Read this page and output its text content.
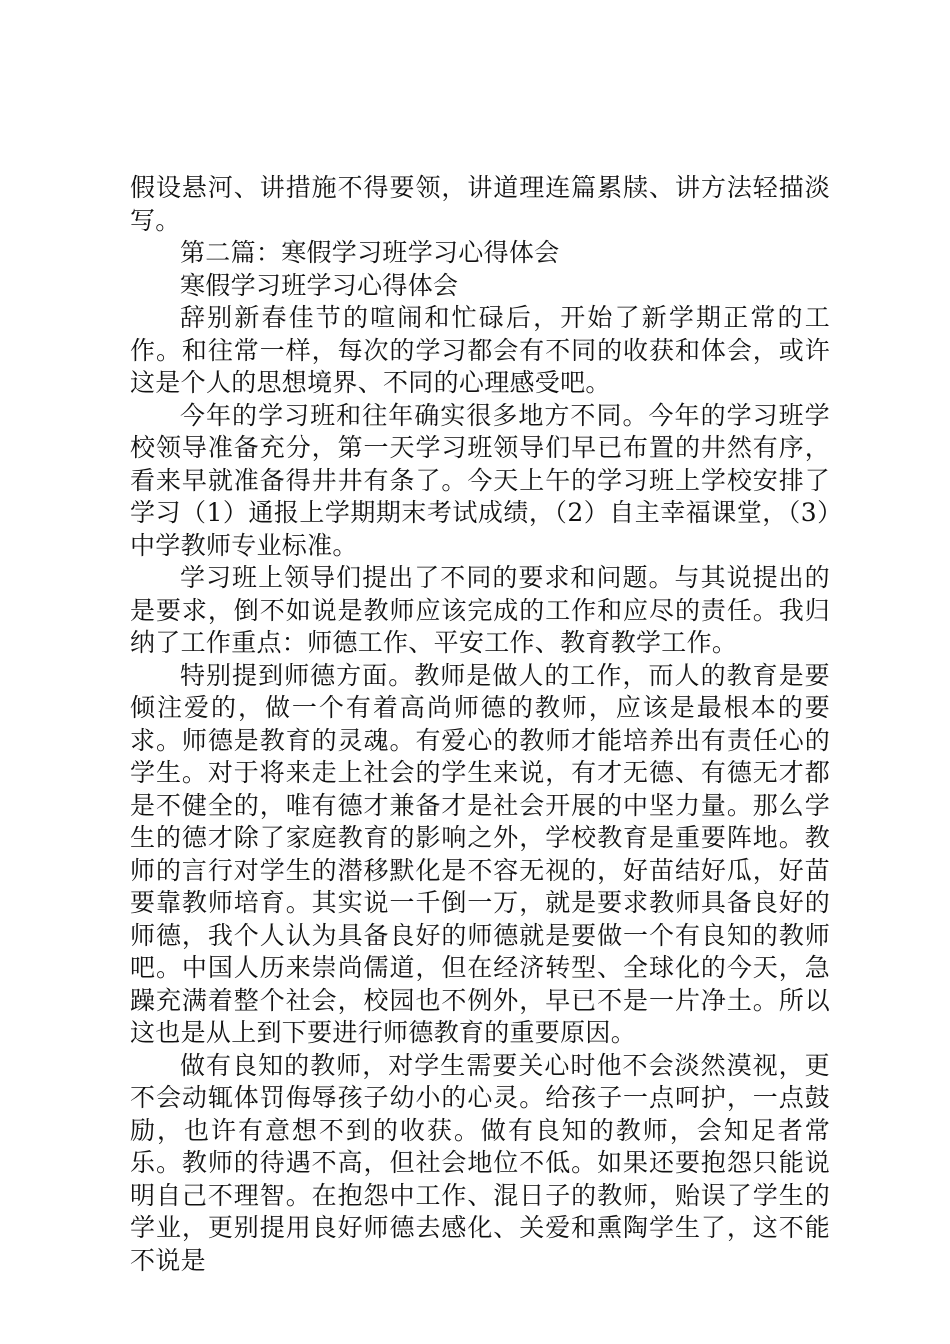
假设悬河、讲措施不得要领，讲道理连篇累牍、讲方法轻描淡写。

第二篇：寒假学习班学习心得体会

寒假学习班学习心得体会

辞别新春佳节的喧闹和忙碌后，开始了新学期正常的工作。和往常一样，每次的学习都会有不同的收获和体会，或许这是个人的思想境界、不同的心理感受吧。

今年的学习班和往年确实很多地方不同。今年的学习班学校领导准备充分，第一天学习班领导们早已布置的井然有序，看来早就准备得井井有条了。今天上午的学习班上学校安排了学习（1）通报上学期期末考试成绩，（2）自主幸福课堂，（3）中学教师专业标准。

学习班上领导们提出了不同的要求和问题。与其说提出的是要求，倒不如说是教师应该完成的工作和应尽的责任。我归纳了工作重点：师德工作、平安工作、教育教学工作。

特别提到师德方面。教师是做人的工作，而人的教育是要倾注爱的，做一个有着高尚师德的教师，应该是最根本的要求。师德是教育的灵魂。有爱心的教师才能培养出有责任心的学生。对于将来走上社会的学生来说，有才无德、有德无才都是不健全的，唯有德才兼备才是社会开展的中坚力量。那么学生的德才除了家庭教育的影响之外，学校教育是重要阵地。教师的言行对学生的潜移默化是不容无视的，好苗结好瓜，好苗要靠教师培育。其实说一千倒一万，就是要求教师具备良好的师德，我个人认为具备良好的师德就是要做一个有良知的教师吧。中国人历来崇尚儒道，但在经济转型、全球化的今天，急躁充满着整个社会，校园也不例外，早已不是一片净土。所以这也是从上到下要进行师德教育的重要原因。

做有良知的教师，对学生需要关心时他不会淡然漠视，更不会动辄体罚侮辱孩子幼小的心灵。给孩子一点呵护，一点鼓励，也许有意想不到的收获。做有良知的教师，会知足者常乐。教师的待遇不高，但社会地位不低。如果还要抱怨只能说明自己不理智。在抱怨中工作、混日子的教师，贻误了学生的学业，更别提用良好师德去感化、关爱和熏陶学生了，这不能不说是
